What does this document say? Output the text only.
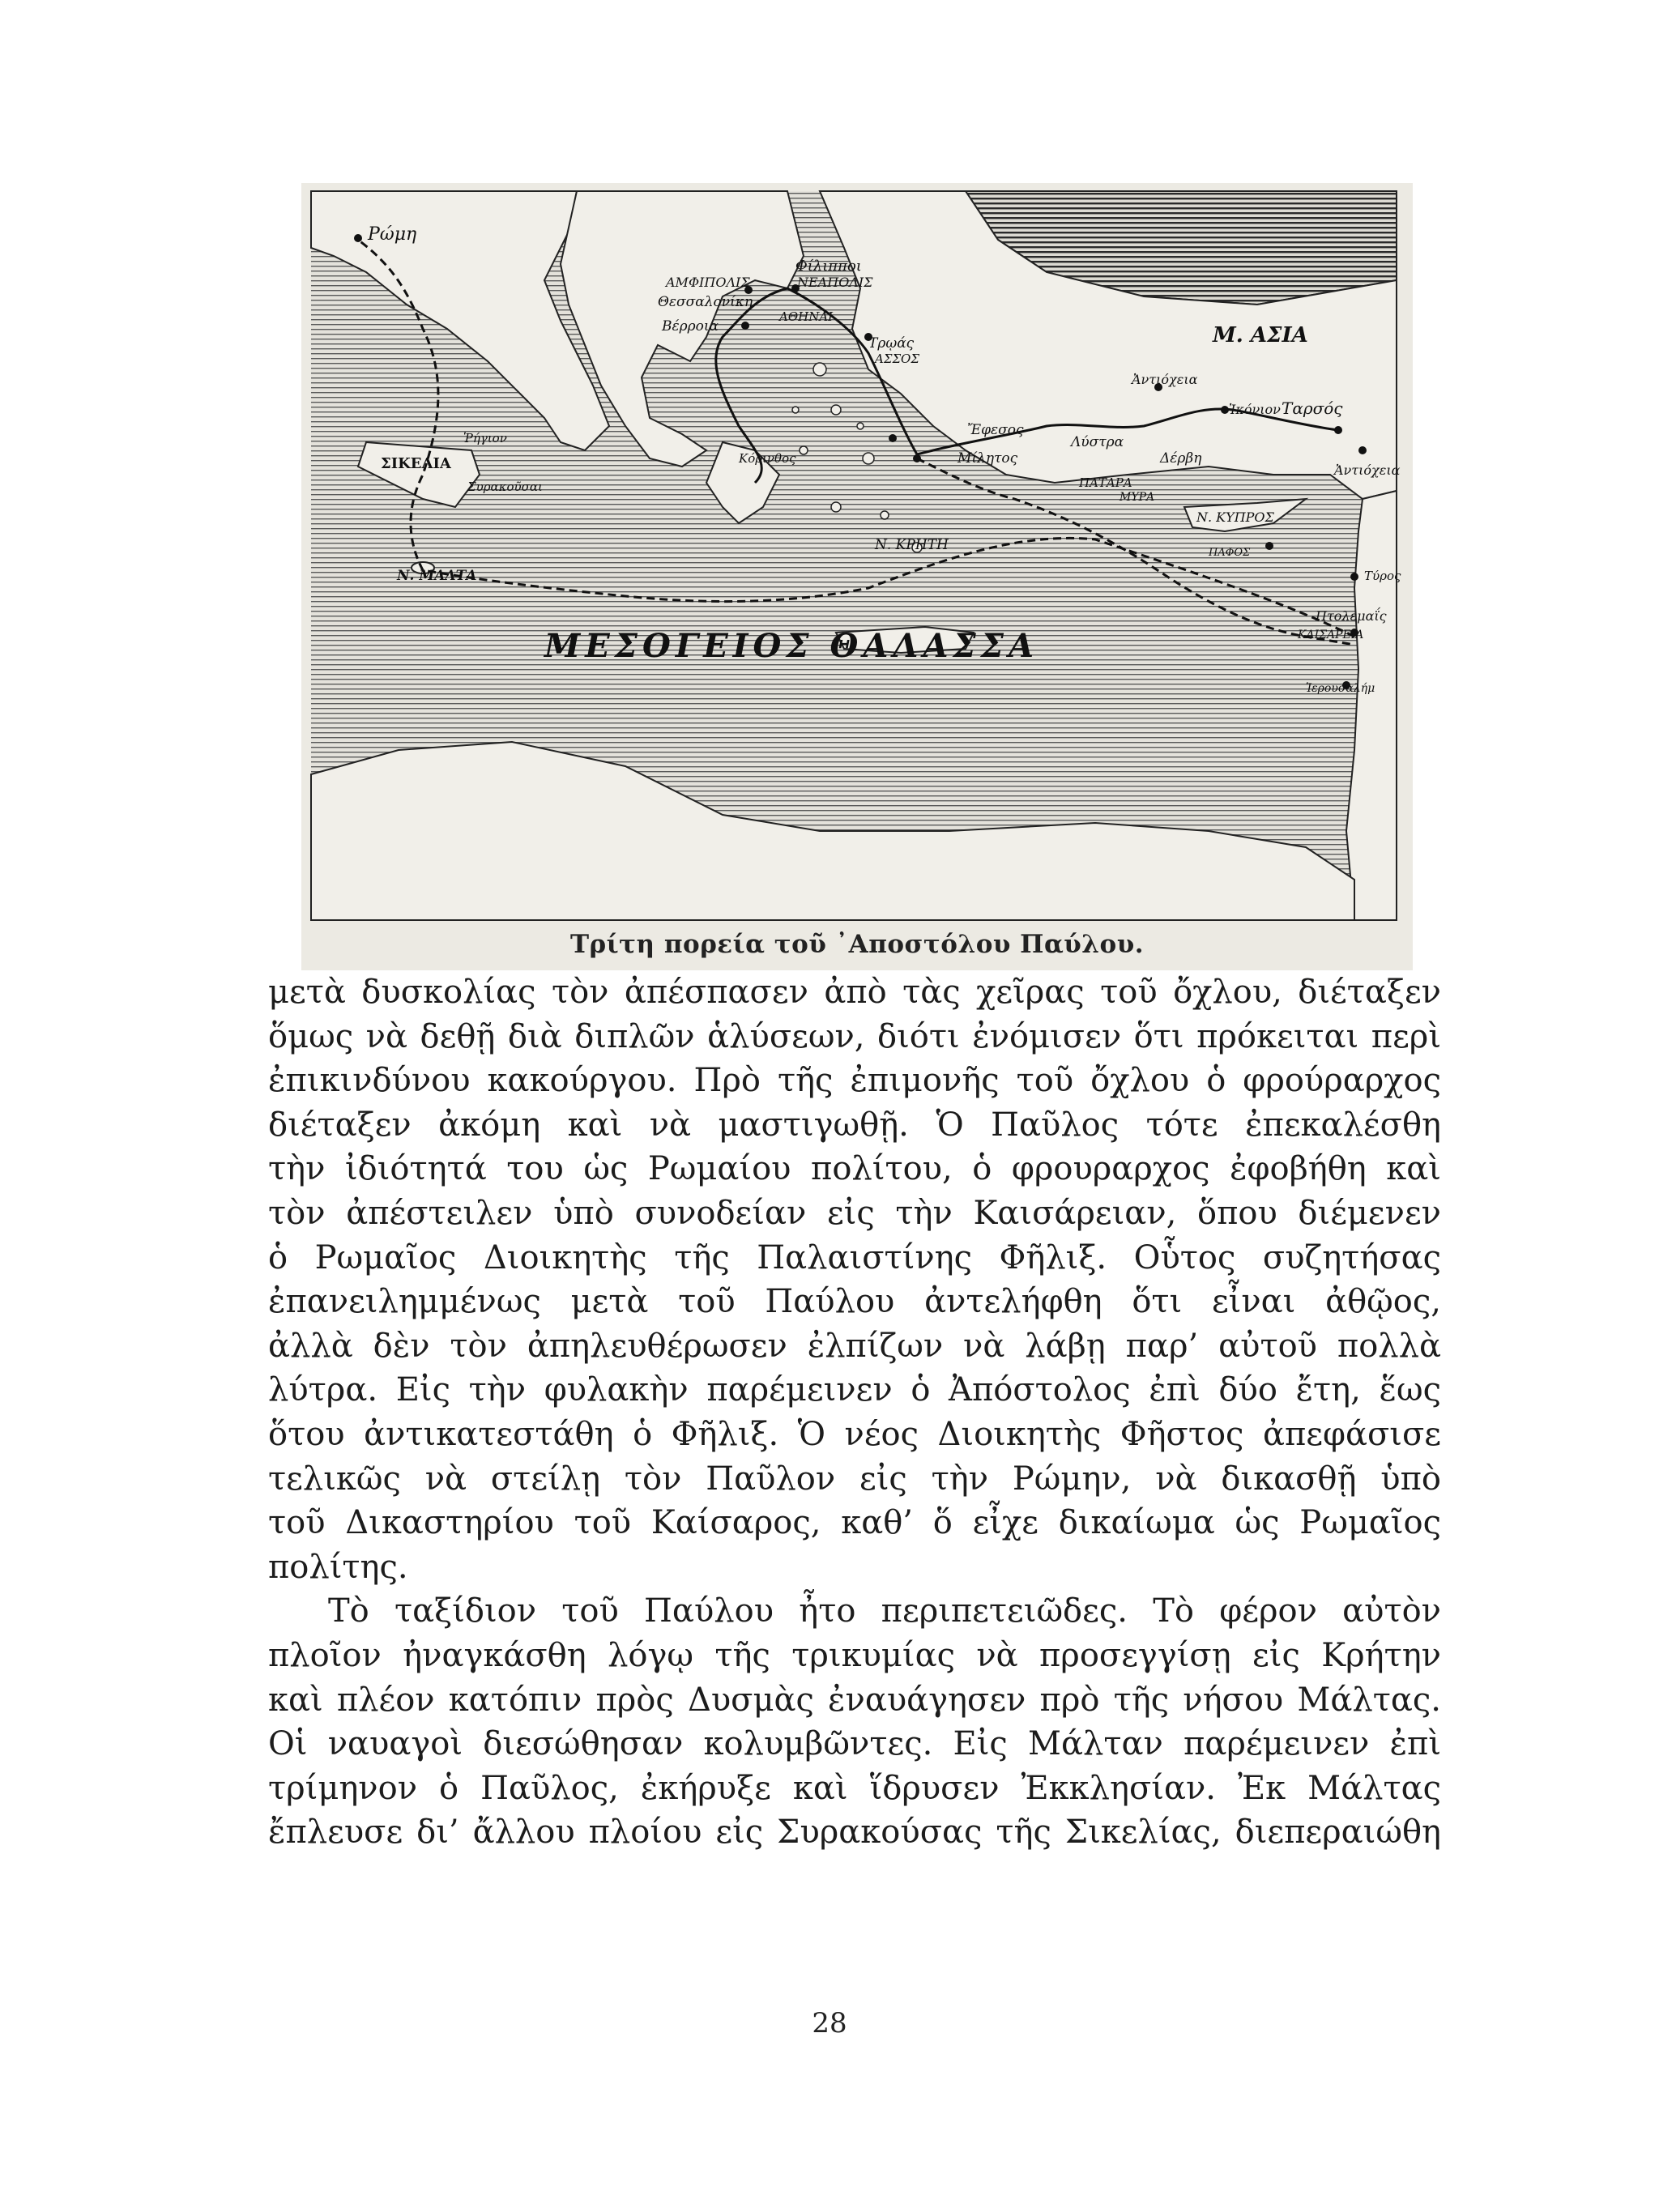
Ρώμη
Φίλιπποι
ΑΜΦΙΠΟΛΙΣ	ΝΕΑΠΟΛΙΣ
Θεσσαλονίκη
Βέρροια
ΑΘΗΝΑΙ
Τρῳάς
ΑΣΣΟΣ
Μ. ΑΣΙΑ
Ἀντιόχεια
Ἰκόνιον Ταρσός
Ἔφεσος
Λύστρα
Δέρβη
Ἀντιόχεια
Ῥήγιον
ΣΙΚΕΛΙΑ
Συρακοῦσαι
Κόρινθος	Μίλητος
ΠΑΤΑΡΑ
ΜΥΡΑ
Ν. ΚΥΠΡΟΣ
ΠΑΦΟΣ
Ν. ΚΡΗΤΗ
Ν. ΜΑΛΤΑ	Τύρος
Πτολεμαΐς
ΚΑΙΣΑΡΕΙΑ
Ἱερουσαλήμ
ΜΕΣΟΓΕΙΟΣ ΘΑΛΑΣΣΑ
Τρίτη πορεία τοῦ ᾿Αποστόλου Παύλου.
μετὰ δυσκολίας τὸν ἀπέσπασεν ἀπὸ τὰς χεῖρας τοῦ ὄχλου, διέταξεν
ὅμως νὰ δεθῇ διὰ διπλῶν ἁλύσεων, διότι ἐνόμισεν ὅτι πρόκειται περὶ
ἐπικινδύνου κακούργου. Πρὸ τῆς ἐπιμονῆς τοῦ ὄχλου ὁ φρούραρχος
διέταξεν ἀκόμη καὶ νὰ μαστιγωθῇ. Ὁ Παῦλος τότε ἐπεκαλέσθη
τὴν ἰδιότητά του ὡς Ρωμαίου πολίτου, ὁ φρουραρχος ἐφοβήθη καὶ
τὸν ἀπέστειλεν ὑπὸ συνοδείαν εἰς τὴν Καισάρειαν, ὅπου διέμενεν
ὁ Ρωμαῖος Διοικητὴς τῆς Παλαιστίνης Φῆλιξ. Οὗτος συζητήσας
ἐπανειλημμένως μετὰ τοῦ Παύλου ἀντελήφθη ὅτι εἶναι ἀθῷος,
ἀλλὰ δὲν τὸν ἀπηλευθέρωσεν ἐλπίζων νὰ λάβῃ παρ’ αὐτοῦ πολλὰ
λύτρα. Εἰς τὴν φυλακὴν παρέμεινεν ὁ Ἀπόστολος ἐπὶ δύο ἔτη, ἕως
ὅτου ἀντικατεστάθη ὁ Φῆλιξ. Ὁ νέος Διοικητὴς Φῆστος ἀπεφάσισε
τελικῶς νὰ στείλῃ τὸν Παῦλον εἰς τὴν Ρώμην, νὰ δικασθῇ ὑπὸ
τοῦ Δικαστηρίου τοῦ Καίσαρος, καθ’ ὅ εἶχε δικαίωμα ὡς Ρωμαῖος
πολίτης.
Τὸ ταξίδιον τοῦ Παύλου ἦτο περιπετειῶδες. Τὸ φέρον αὐτὸν
πλοῖον ἠναγκάσθη λόγῳ τῆς τρικυμίας νὰ προσεγγίσῃ εἰς Κρήτην
καὶ πλέον κατόπιν πρὸς Δυσμὰς ἐναυάγησεν πρὸ τῆς νήσου Μάλτας.
Οἱ ναυαγοὶ διεσώθησαν κολυμβῶντες. Εἰς Μάλταν παρέμεινεν ἐπὶ
τρίμηνον ὁ Παῦλος, ἐκήρυξε καὶ ἵδρυσεν Ἐκκλησίαν. Ἐκ Μάλτας
ἔπλευσε δι’ ἄλλου πλοίου εἰς Συρακούσας τῆς Σικελίας, διεπεραιώθη
28
